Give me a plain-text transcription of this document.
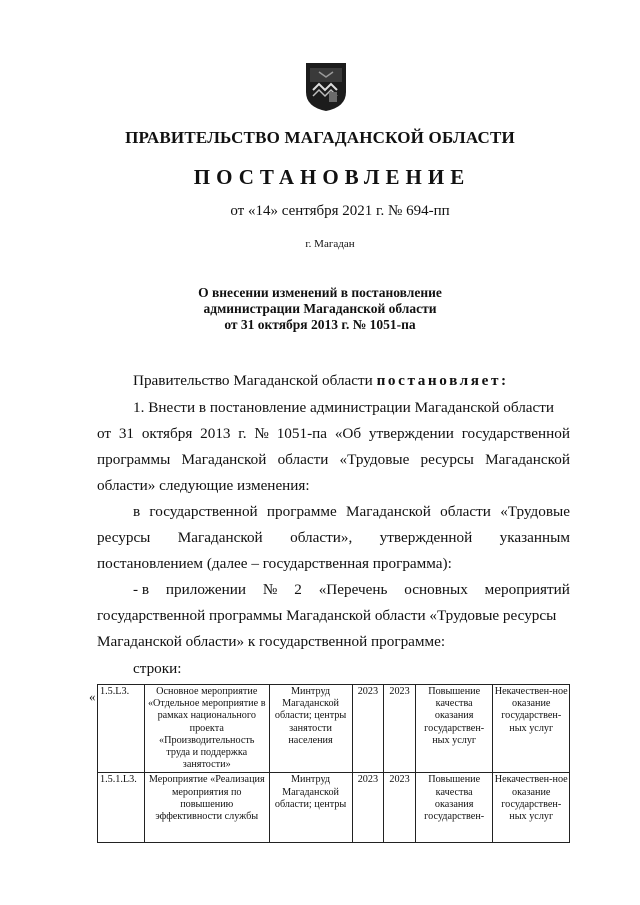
ПРАВИТЕЛЬСТВО МАГАДАНСКОЙ ОБЛАСТИ
ПОСТАНОВЛЕНИЕ
от «14» сентября 2021 г. № 694-пп
г. Магадан
О внесении изменений в постановление
администрации Магаданской области
от 31 октября 2013 г. № 1051-па
Правительство Магаданской области постановляет:
1. Внести в постановление администрации Магаданской области
от 31 октября 2013 г. № 1051-па «Об утверждении государственной
программы Магаданской области «Трудовые ресурсы Магаданской
области» следующие изменения:
в государственной программе Магаданской области «Трудовые
ресурсы Магаданской области», утвержденной указанным
постановлением (далее – государственная программа):
- в приложении № 2 «Перечень основных мероприятий
государственной программы Магаданской области «Трудовые ресурсы
Магаданской области» к государственной программе:
строки:
« 1.5.L3.	Основное мероприятие «Отдельное мероприятие в рамках национального проекта «Производительность труда и поддержка занятости»	Минтруд Магаданской области; центры занятости населения	2023	2023	Повышение качества оказания государствен-ных услуг	Некачествен-ное оказание государствен-ных услуг
1.5.1.L3.	Мероприятие «Реализация мероприятия по повышению эффективности службы	Минтруд Магаданской области; центры	2023	2023	Повышение качества оказания государствен-	Некачествен-ное оказание государствен-ных услуг
